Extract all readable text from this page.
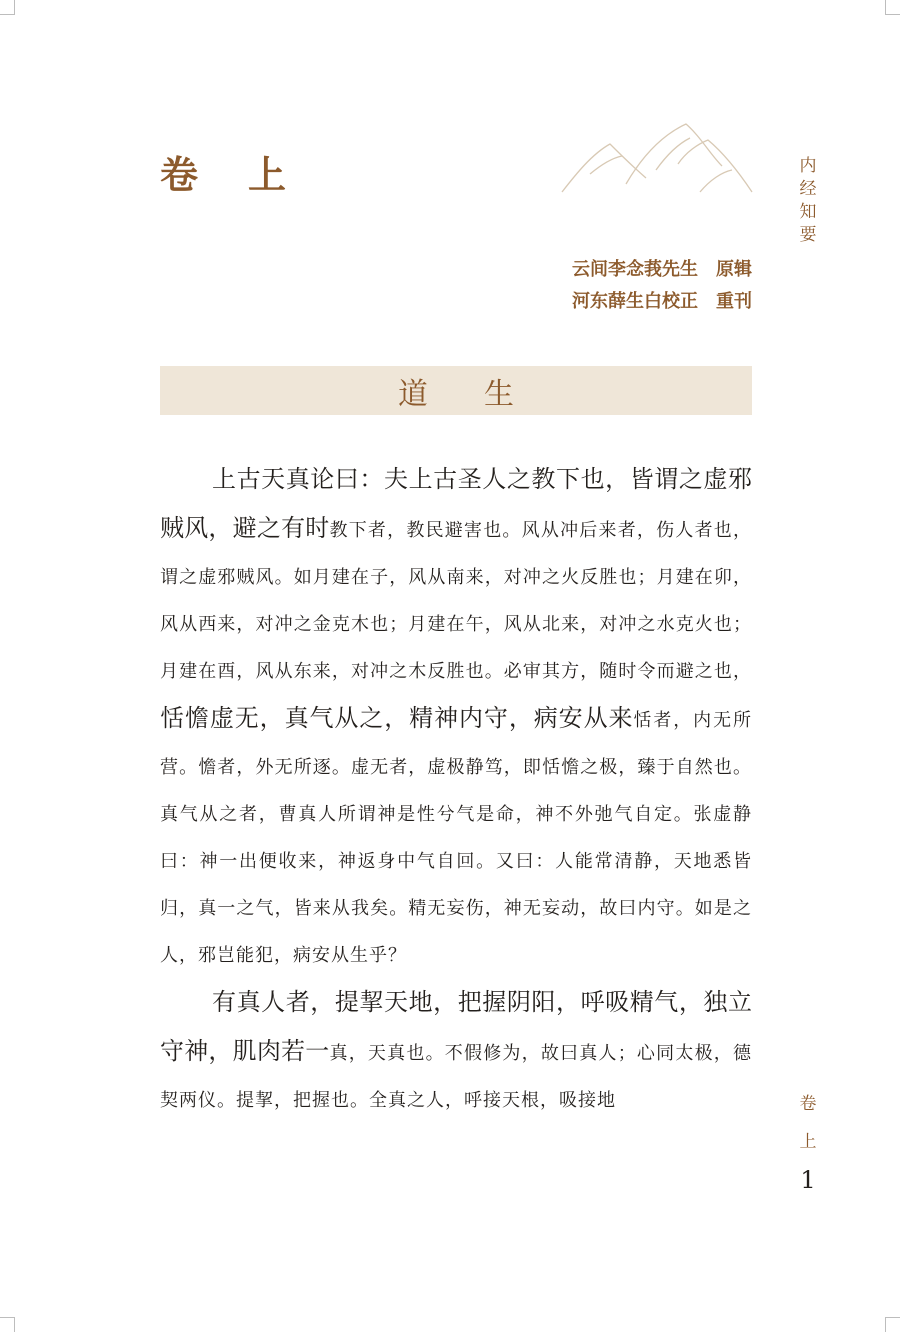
卷上	内
经
知
要
云间李念莪先生 原辑
河东薛生白校正 重刊
道生

上古天真论曰：夫上古圣人之教下也，皆谓之虚邪贼风，避之有时教下者，教民避害也。风从冲后来者，伤人者也，谓之虚邪贼风。如月建在子，风从南来，对冲之火反胜也；月建在卯，风从西来，对冲之金克木也；月建在午，风从北来，对冲之水克火也；月建在酉，风从东来，对冲之木反胜也。必审其方，随时令而避之也，恬憺虚无，真气从之，精神内守，病安从来恬者，内无所营。憺者，外无所逐。虚无者，虚极静笃，即恬憺之极，臻于自然也。真气从之者，曹真人所谓神是性兮气是命，神不外弛气自定。张虚静曰：神一出便收来，神返身中气自回。又曰：人能常清静，天地悉皆归，真一之气，皆来从我矣。精无妄伤，神无妄动，故曰内守。如是之人，邪岂能犯，病安从生乎？

有真人者，提挈天地，把握阴阳，呼吸精气，独立守神，肌肉若一真，天真也。不假修为，故曰真人；心同太极，德契两仪。提挈，把握也。全真之人，呼接天根，吸接地	卷
上
1
